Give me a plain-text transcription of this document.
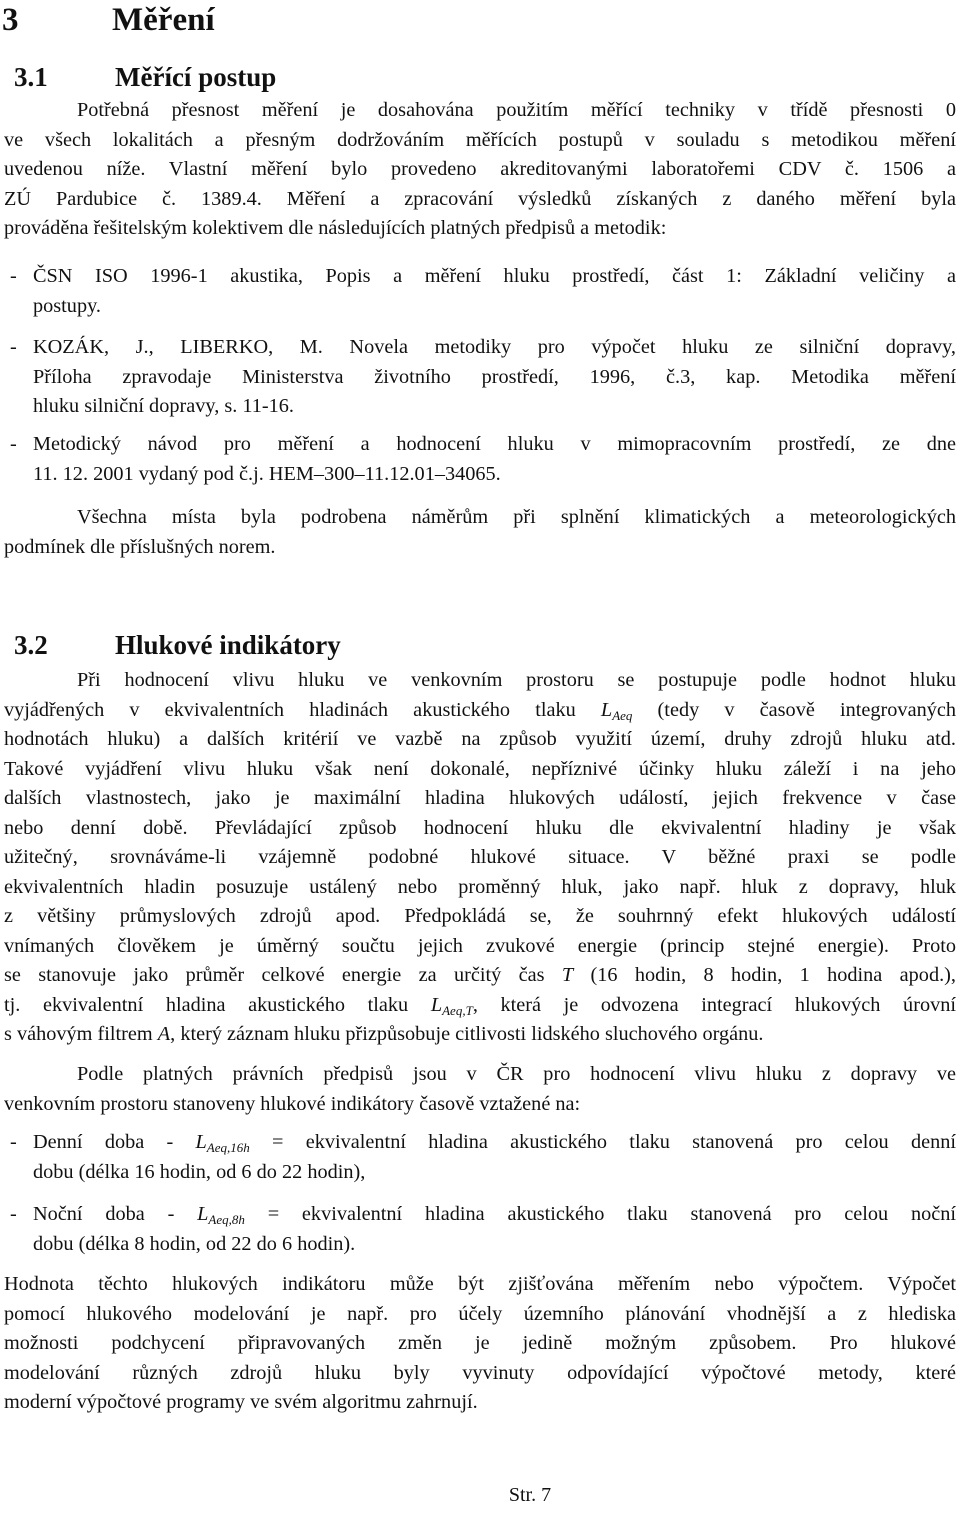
3	Měření
3.1 Měřící postup
Potřebná přesnost měření je dosahována použitím měřící techniky v třídě přesnosti 0
ve všech lokalitách a přesným dodržováním měřících postupů v souladu s metodikou měření
uvedenou níže. Vlastní měření bylo provedeno akreditovanými laboratořemi CDV č. 1506 a
ZÚ Pardubice č. 1389.4. Měření a zpracování výsledků získaných z daného měření byla
prováděna řešitelským kolektivem dle následujících platných předpisů a metodik:
- ČSN ISO 1996-1 akustika, Popis a měření hluku prostředí, část 1: Základní veličiny a
postupy.
- KOZÁK, J., LIBERKO, M. Novela metodiky pro výpočet hluku ze silniční dopravy,
Příloha zpravodaje Ministerstva životního prostředí, 1996, č.3, kap. Metodika měření
hluku silniční dopravy, s. 11-16.
- Metodický návod pro měření a hodnocení hluku v mimopracovním prostředí, ze dne
11. 12. 2001 vydaný pod č.j. HEM–300–11.12.01–34065.
Všechna místa byla podrobena náměrům při splnění klimatických a meteorologických
podmínek dle příslušných norem.
3.2 Hlukové indikátory
Při hodnocení vlivu hluku ve venkovním prostoru se postupuje podle hodnot hluku
vyjádřených v ekvivalentních hladinách akustického tlaku $L_{Aeq}$ (tedy v časově integrovaných
hodnotách hluku) a dalších kritérií ve vazbě na způsob využití území, druhy zdrojů hluku atd.
Takové vyjádření vlivu hluku však není dokonalé, nepříznivé účinky hluku záleží i na jeho
dalších vlastnostech, jako je maximální hladina hlukových událostí, jejich frekvence v čase
nebo denní době. Převládající způsob hodnocení hluku dle ekvivalentní hladiny je však
užitečný, srovnáváme-li vzájemně podobné hlukové situace. V běžné praxi se podle
ekvivalentních hladin posuzuje ustálený nebo proměnný hluk, jako např. hluk z dopravy, hluk
z většiny průmyslových zdrojů apod. Předpokládá se, že souhrnný efekt hlukových událostí
vnímaných člověkem je úměrný součtu jejich zvukové energie (princip stejné energie). Proto
se stanovuje jako průměr celkové energie za určitý čas T (16 hodin, 8 hodin, 1 hodina apod.),
tj. ekvivalentní hladina akustického tlaku $L_{Aeq,T}$, která je odvozena integrací hlukových úrovní
s váhovým filtrem A, který záznam hluku přizpůsobuje citlivosti lidského sluchového orgánu.
Podle platných právních předpisů jsou v ČR pro hodnocení vlivu hluku z dopravy ve
venkovním prostoru stanoveny hlukové indikátory časově vztažené na:
- Denní doba - $L_{Aeq,16h}$ = ekvivalentní hladina akustického tlaku stanovená pro celou denní
dobu (délka 16 hodin, od 6 do 22 hodin),
- Noční doba - $L_{Aeq,8h}$ = ekvivalentní hladina akustického tlaku stanovená pro celou noční
dobu (délka 8 hodin, od 22 do 6 hodin).
Hodnota těchto hlukových indikátoru může být zjišťována měřením nebo výpočtem. Výpočet
pomocí hlukového modelování je např. pro účely územního plánování vhodnější a z hlediska
možnosti podchycení připravovaných změn je jedině možným způsobem. Pro hlukové
modelování různých zdrojů hluku byly vyvinuty odpovídající výpočtové metody, které
moderní výpočtové programy ve svém algoritmu zahrnují.
Str. 7
